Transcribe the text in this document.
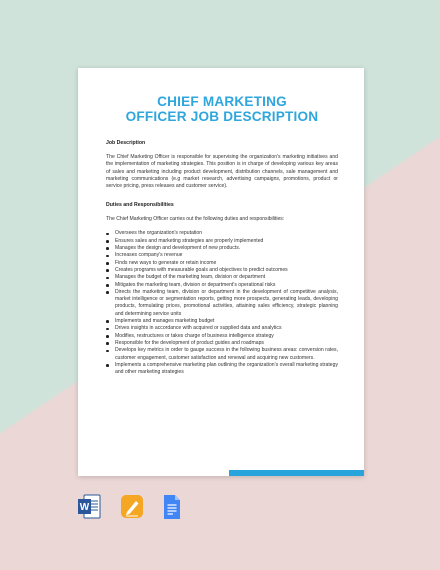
CHIEF MARKETING
OFFICER JOB DESCRIPTION
Job Description
The Chief Marketing Officer is responsible for supervising the organization's marketing initiatives and the implementation of marketing strategies. This position is in charge of developing various key areas of sales and marketing including product development, distribution channels, sale management and marketing communications (e.g market research, advertising campaigns, promotions, product or service pricing, press releases and customer service).
Duties and Responsibilities
The Chief Marketing Officer carries out the following duties and responsibilities:
Oversees the organization's reputation
Ensures sales and marketing strategies are properly implemented
Manages the design and development of new products.
Increases company's revenue
Finds new ways to generate or retain income
Creates programs with measurable goals and objectives to predict outcomes
Manages the budget of the marketing team, division or department
Mitigates the marketing team, division or department's operational risks
Directs the marketing team, division or department in the development of competitive analysis, market intelligence or segmentation reports, getting more prospects, generating leads, developing products, formulating prices, promotional activities, attaining sales efficiency, strategic planning and determining service units
Implements and manages marketing budget
Drives insights in accordance with acquired or supplied data and analytics
Modifies, restructures or takes charge of business intelligence strategy
Responsible for the development of product guides and roadmaps
Develops key metrics in order to gauge success in the following business areas: conversion rates, customer engagement, customer satisfaction and renewal and acquiring new customers.
Implements a comprehensive marketing plan outlining the organization's overall marketing strategy and other marketing strategies
W
